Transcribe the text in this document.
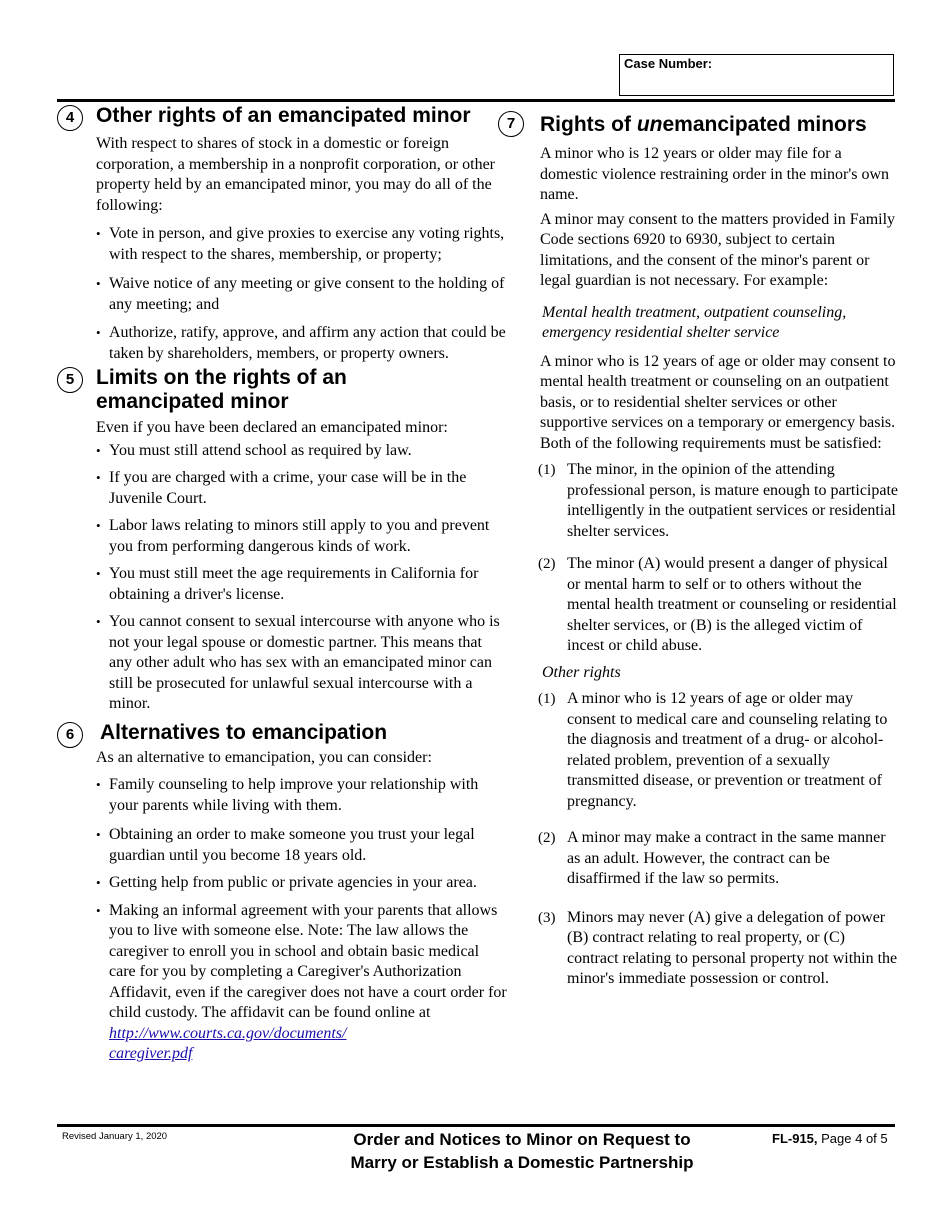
Case Number:
4	Other rights of an emancipated minor
With respect to shares of stock in a domestic or foreign corporation, a membership in a nonprofit corporation, or other property held by an emancipated minor, you may do all of the following:
• Vote in person, and give proxies to exercise any voting rights, with respect to the shares, membership, or property;
• Waive notice of any meeting or give consent to the holding of any meeting; and
• Authorize, ratify, approve, and affirm any action that could be taken by shareholders, members, or property owners.
5	Limits on the rights of an
emancipated minor
Even if you have been declared an emancipated minor:
• You must still attend school as required by law.
• If you are charged with a crime, your case will be in the Juvenile Court.
• Labor laws relating to minors still apply to you and prevent you from performing dangerous kinds of work.
• You must still meet the age requirements in California for obtaining a driver's license.
• You cannot consent to sexual intercourse with anyone who is not your legal spouse or domestic partner. This means that any other adult who has sex with an emancipated minor can still be prosecuted for unlawful sexual intercourse with a minor.
6	Alternatives to emancipation
As an alternative to emancipation, you can consider:
• Family counseling to help improve your relationship with your parents while living with them.
• Obtaining an order to make someone you trust your legal guardian until you become 18 years old.
• Getting help from public or private agencies in your area.
• Making an informal agreement with your parents that allows you to live with someone else. Note: The law allows the caregiver to enroll you in school and obtain basic medical care for you by completing a Caregiver's Authorization Affidavit, even if the caregiver does not have a court order for child custody. The affidavit can be found online at http://www.courts.ca.gov/documents/
caregiver.pdf
7	Rights of unemancipated minors
A minor who is 12 years or older may file for a domestic violence restraining order in the minor's own name.
A minor may consent to the matters provided in Family Code sections 6920 to 6930, subject to certain limitations, and the consent of the minor's parent or legal guardian is not necessary. For example:
Mental health treatment, outpatient counseling, emergency residential shelter service
A minor who is 12 years of age or older may consent to mental health treatment or counseling on an outpatient basis, or to residential shelter services or other supportive services on a temporary or emergency basis. Both of the following requirements must be satisfied:
(1) The minor, in the opinion of the attending professional person, is mature enough to participate intelligently in the outpatient services or residential shelter services.
(2) The minor (A) would present a danger of physical or mental harm to self or to others without the mental health treatment or counseling or residential shelter services, or (B) is the alleged victim of incest or child abuse.
Other rights
(1) A minor who is 12 years of age or older may consent to medical care and counseling relating to the diagnosis and treatment of a drug- or alcohol-related problem, prevention of a sexually transmitted disease, or prevention or treatment of pregnancy.
(2) A minor may make a contract in the same manner as an adult. However, the contract can be disaffirmed if the law so permits.
(3) Minors may never (A) give a delegation of power (B) contract relating to real property, or (C) contract relating to personal property not within the minor's immediate possession or control.
Revised January 1, 2020	Order and Notices to Minor on Request to
Marry or Establish a Domestic Partnership
FL-915, Page 4 of 5
